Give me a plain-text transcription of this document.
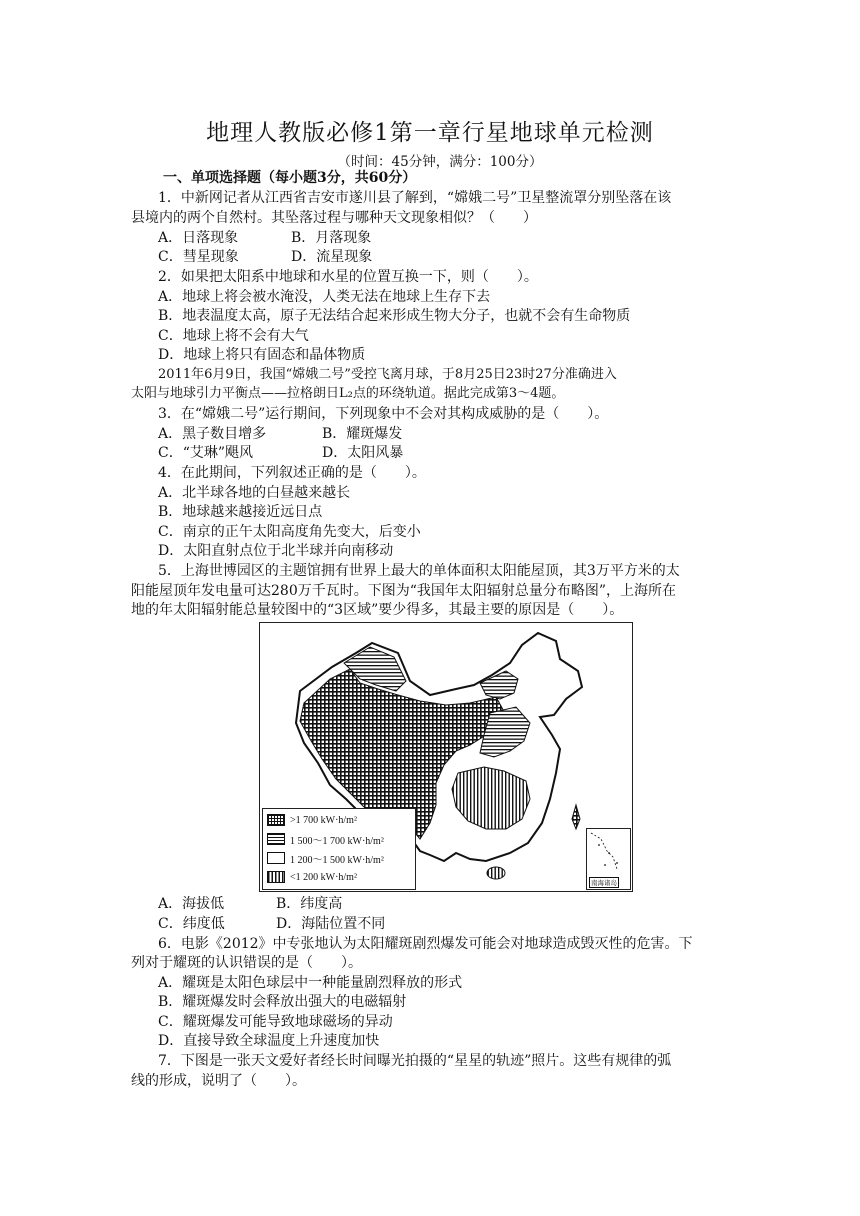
地理人教版必修1第一章行星地球单元检测
（时间：45分钟，满分：100分）
一、单项选择题（每小题3分，共60分）
1．中新网记者从江西省吉安市遂川县了解到，“嫦娥二号”卫星整流罩分别坠落在该
县境内的两个自然村。其坠落过程与哪种天文现象相似？（　　）
A．日落现象	B．月落现象
C．彗星现象	D．流星现象
2．如果把太阳系中地球和水星的位置互换一下，则（　　）。
A．地球上将会被水淹没，人类无法在地球上生存下去
B．地表温度太高，原子无法结合起来形成生物大分子，也就不会有生命物质
C．地球上将不会有大气
D．地球上将只有固态和晶体物质
2011年6月9日，我国“嫦娥二号”受控飞离月球，于8月25日23时27分准确进入
太阳与地球引力平衡点——拉格朗日L₂点的环绕轨道。据此完成第3～4题。
3．在“嫦娥二号”运行期间，下列现象中不会对其构成威胁的是（　　）。
A．黑子数目增多	B．耀斑爆发
C．“艾琳”飓风	D．太阳风暴
4．在此期间，下列叙述正确的是（　　）。
A．北半球各地的白昼越来越长
B．地球越来越接近远日点
C．南京的正午太阳高度角先变大，后变小
D．太阳直射点位于北半球并向南移动
5．上海世博园区的主题馆拥有世界上最大的单体面积太阳能屋顶，其3万平方米的太
阳能屋顶年发电量可达280万千瓦时。下图为“我国年太阳辐射总量分布略图”，上海所在
地的年太阳辐射能总量较图中的“3区域”要少得多，其最主要的原因是（　　）。
>1 700 kW·h/m²
1 500～1 700 kW·h/m²
1 200～1 500 kW·h/m²
<1 200 kW·h/m²
南海诸岛
A．海拔低	B．纬度高
C．纬度低	D．海陆位置不同
6．电影《2012》中专张地认为太阳耀斑剧烈爆发可能会对地球造成毁灭性的危害。下
列对于耀斑的认识错误的是（　　）。
A．耀斑是太阳色球层中一种能量剧烈释放的形式
B．耀斑爆发时会释放出强大的电磁辐射
C．耀斑爆发可能导致地球磁场的异动
D．直接导致全球温度上升速度加快
7．下图是一张天文爱好者经长时间曝光拍摄的“星星的轨迹”照片。这些有规律的弧
线的形成，说明了（　　）。
